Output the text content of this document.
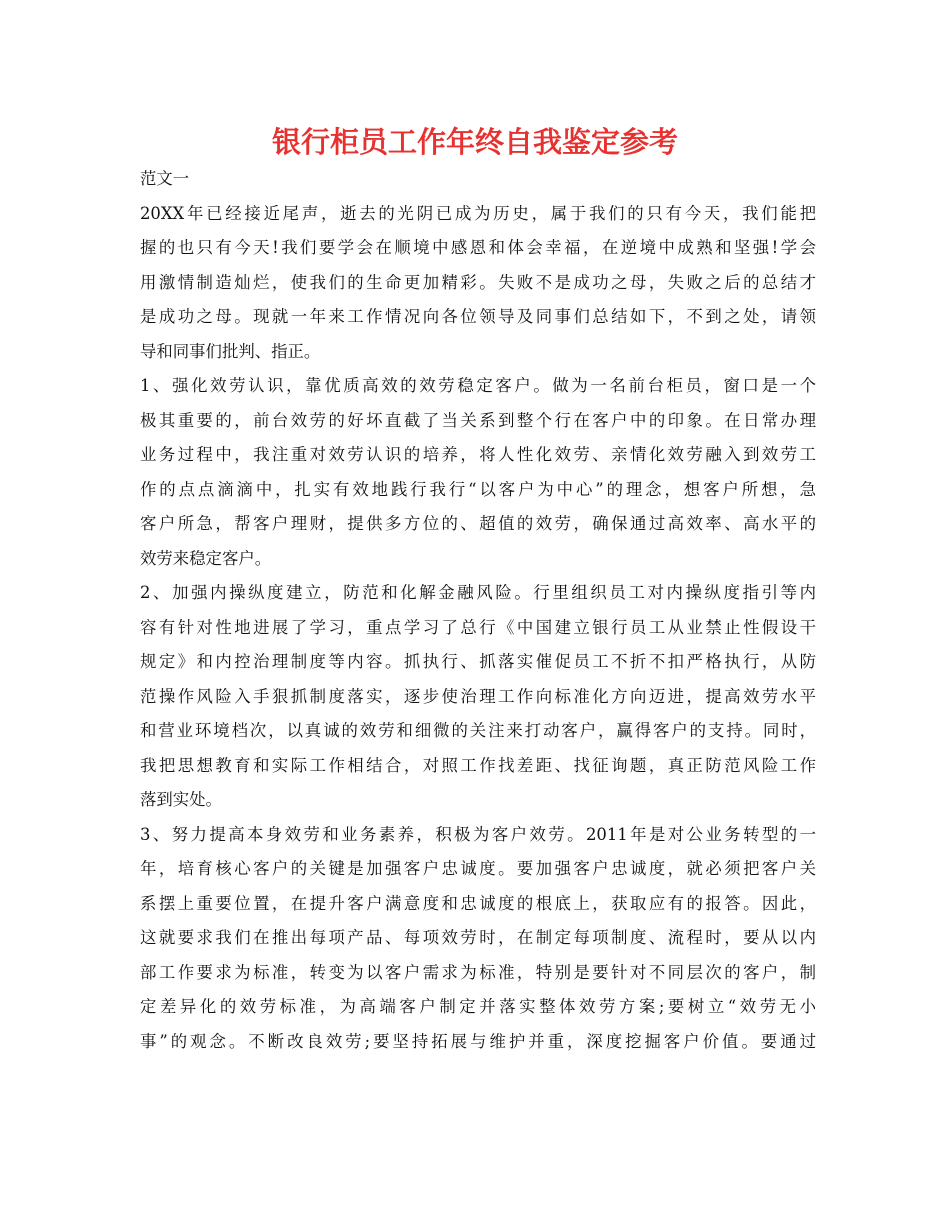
银行柜员工作年终自我鉴定参考
范文一
20XX年已经接近尾声，逝去的光阴已成为历史，属于我们的只有今天，我们能把
握的也只有今天!我们要学会在顺境中感恩和体会幸福，在逆境中成熟和坚强!学会
用激情制造灿烂，使我们的生命更加精彩。失败不是成功之母，失败之后的总结才
是成功之母。现就一年来工作情况向各位领导及同事们总结如下，不到之处，请领
导和同事们批判、指正。
1、强化效劳认识，靠优质高效的效劳稳定客户。做为一名前台柜员，窗口是一个
极其重要的，前台效劳的好坏直截了当关系到整个行在客户中的印象。在日常办理
业务过程中，我注重对效劳认识的培养，将人性化效劳、亲情化效劳融入到效劳工
作的点点滴滴中，扎实有效地践行我行“以客户为中心”的理念，想客户所想，急
客户所急，帮客户理财，提供多方位的、超值的效劳，确保通过高效率、高水平的
效劳来稳定客户。
2、加强内操纵度建立，防范和化解金融风险。行里组织员工对内操纵度指引等内
容有针对性地进展了学习，重点学习了总行《中国建立银行员工从业禁止性假设干
规定》和内控治理制度等内容。抓执行、抓落实催促员工不折不扣严格执行，从防
范操作风险入手狠抓制度落实，逐步使治理工作向标准化方向迈进，提高效劳水平
和营业环境档次，以真诚的效劳和细微的关注来打动客户，赢得客户的支持。同时，
我把思想教育和实际工作相结合，对照工作找差距、找征询题，真正防范风险工作
落到实处。
3、努力提高本身效劳和业务素养，积极为客户效劳。2011年是对公业务转型的一
年，培育核心客户的关键是加强客户忠诚度。要加强客户忠诚度，就必须把客户关
系摆上重要位置，在提升客户满意度和忠诚度的根底上，获取应有的报答。因此，
这就要求我们在推出每项产品、每项效劳时，在制定每项制度、流程时，要从以内
部工作要求为标准，转变为以客户需求为标准，特别是要针对不同层次的客户，制
定差异化的效劳标准，为高端客户制定并落实整体效劳方案;要树立“效劳无小
事”的观念。不断改良效劳;要坚持拓展与维护并重，深度挖掘客户价值。要通过
